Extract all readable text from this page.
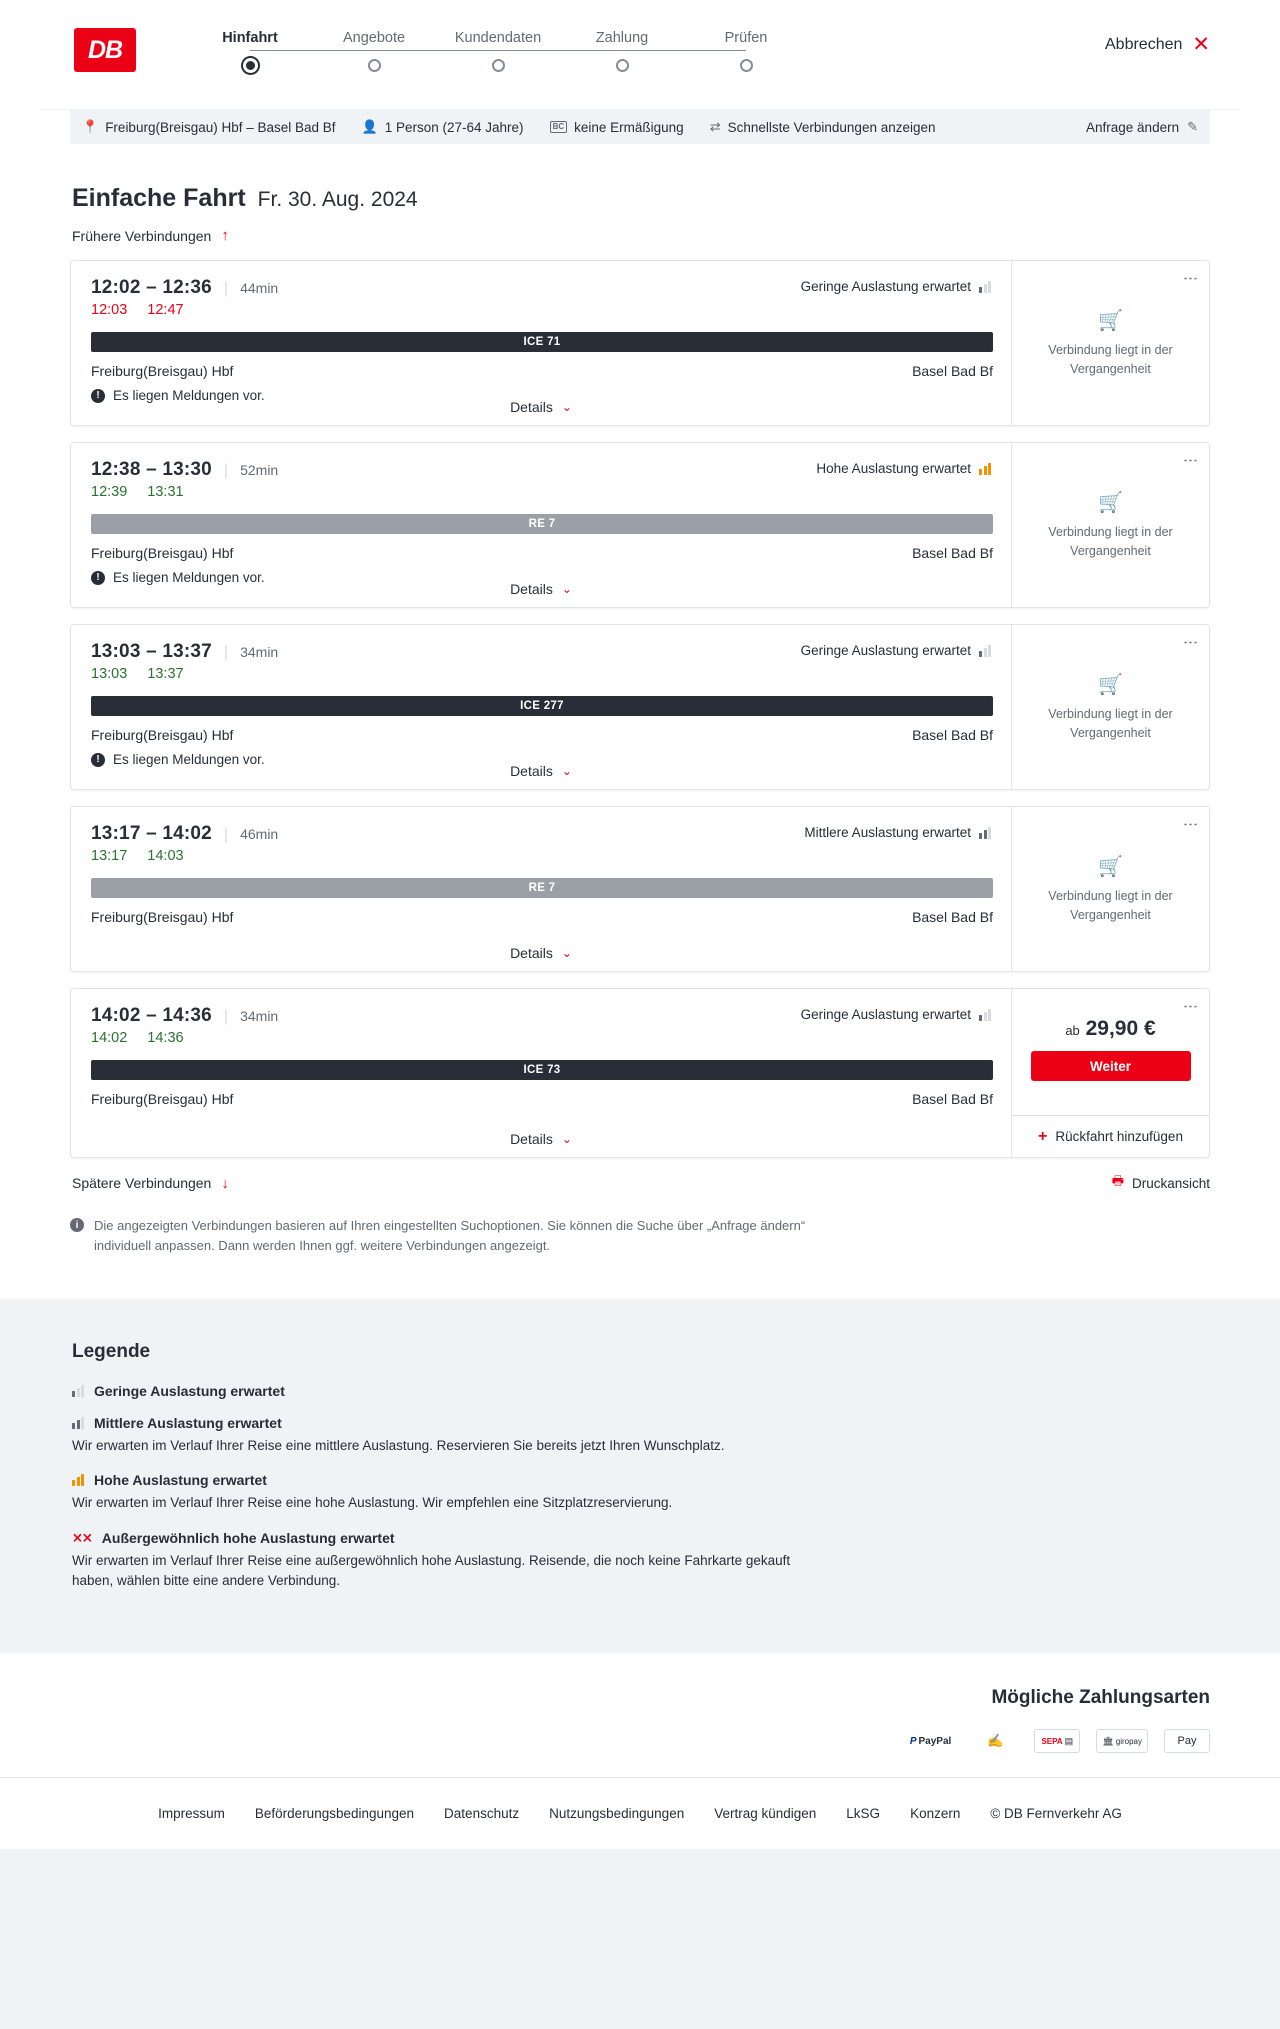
DB	Hinfahrt	Angebote	Kundendaten	Zahlung	Prüfen	Abbrechen ✕
📍 Freiburg(Breisgau) Hbf – Basel Bad Bf 👤 1 Person (27-64 Jahre)	BC keine Ermäßigung ⇄ Schnellste Verbindungen anzeigen	Anfrage ändern ✎
Einfache Fahrt Fr. 30. Aug. 2024
Frühere Verbindungen ↑
12:02 – 12:36 | 44min	Geringe Auslastung erwartet
12:03 12:47
ICE 71
Freiburg(Breisgau) Hbf	Basel Bad Bf
! Es liegen Meldungen vor.
Details ⌄
⋮
🛒
Verbindung liegt in der Vergangenheit
12:38 – 13:30 | 52min	Hohe Auslastung erwartet
12:39 13:31
RE 7
Freiburg(Breisgau) Hbf	Basel Bad Bf
! Es liegen Meldungen vor.
Details ⌄
⋮
🛒
Verbindung liegt in der Vergangenheit
13:03 – 13:37 | 34min	Geringe Auslastung erwartet
13:03 13:37
ICE 277
Freiburg(Breisgau) Hbf	Basel Bad Bf
! Es liegen Meldungen vor.
Details ⌄
⋮
🛒
Verbindung liegt in der Vergangenheit
13:17 – 14:02 | 46min	Mittlere Auslastung erwartet
13:17 14:03
RE 7
Freiburg(Breisgau) Hbf	Basel Bad Bf
Details ⌄
⋮
🛒
Verbindung liegt in der Vergangenheit
14:02 – 14:36 | 34min	Geringe Auslastung erwartet
14:02 14:36
ICE 73
Freiburg(Breisgau) Hbf	Basel Bad Bf
Details ⌄
⋮
ab 29,90 €
Weiter
+ Rückfahrt hinzufügen
Spätere Verbindungen ↓	🖶 Druckansicht
i	Die angezeigten Verbindungen basieren auf Ihren eingestellten Suchoptionen. Sie können die Suche über „Anfrage ändern“ individuell anpassen. Dann werden Ihnen ggf. weitere Verbindungen angezeigt.
Legende
Geringe Auslastung erwartet
Mittlere Auslastung erwartet
Wir erwarten im Verlauf Ihrer Reise eine mittlere Auslastung. Reservieren Sie bereits jetzt Ihren Wunschplatz.
Hohe Auslastung erwartet
Wir erwarten im Verlauf Ihrer Reise eine hohe Auslastung. Wir empfehlen eine Sitzplatzreservierung.
⨯⨯ Außergewöhnlich hohe Auslastung erwartet
Wir erwarten im Verlauf Ihrer Reise eine außergewöhnlich hohe Auslastung. Reisende, die noch keine Fahrkarte gekauft haben, wählen bitte eine andere Verbindung.
Mögliche Zahlungsarten
P PayPal	✍	SEPA ▤	🏛 giropay	Pay
Impressum Beförderungsbedingungen Datenschutz Nutzungsbedingungen Vertrag kündigen LkSG Konzern © DB Fernverkehr AG
